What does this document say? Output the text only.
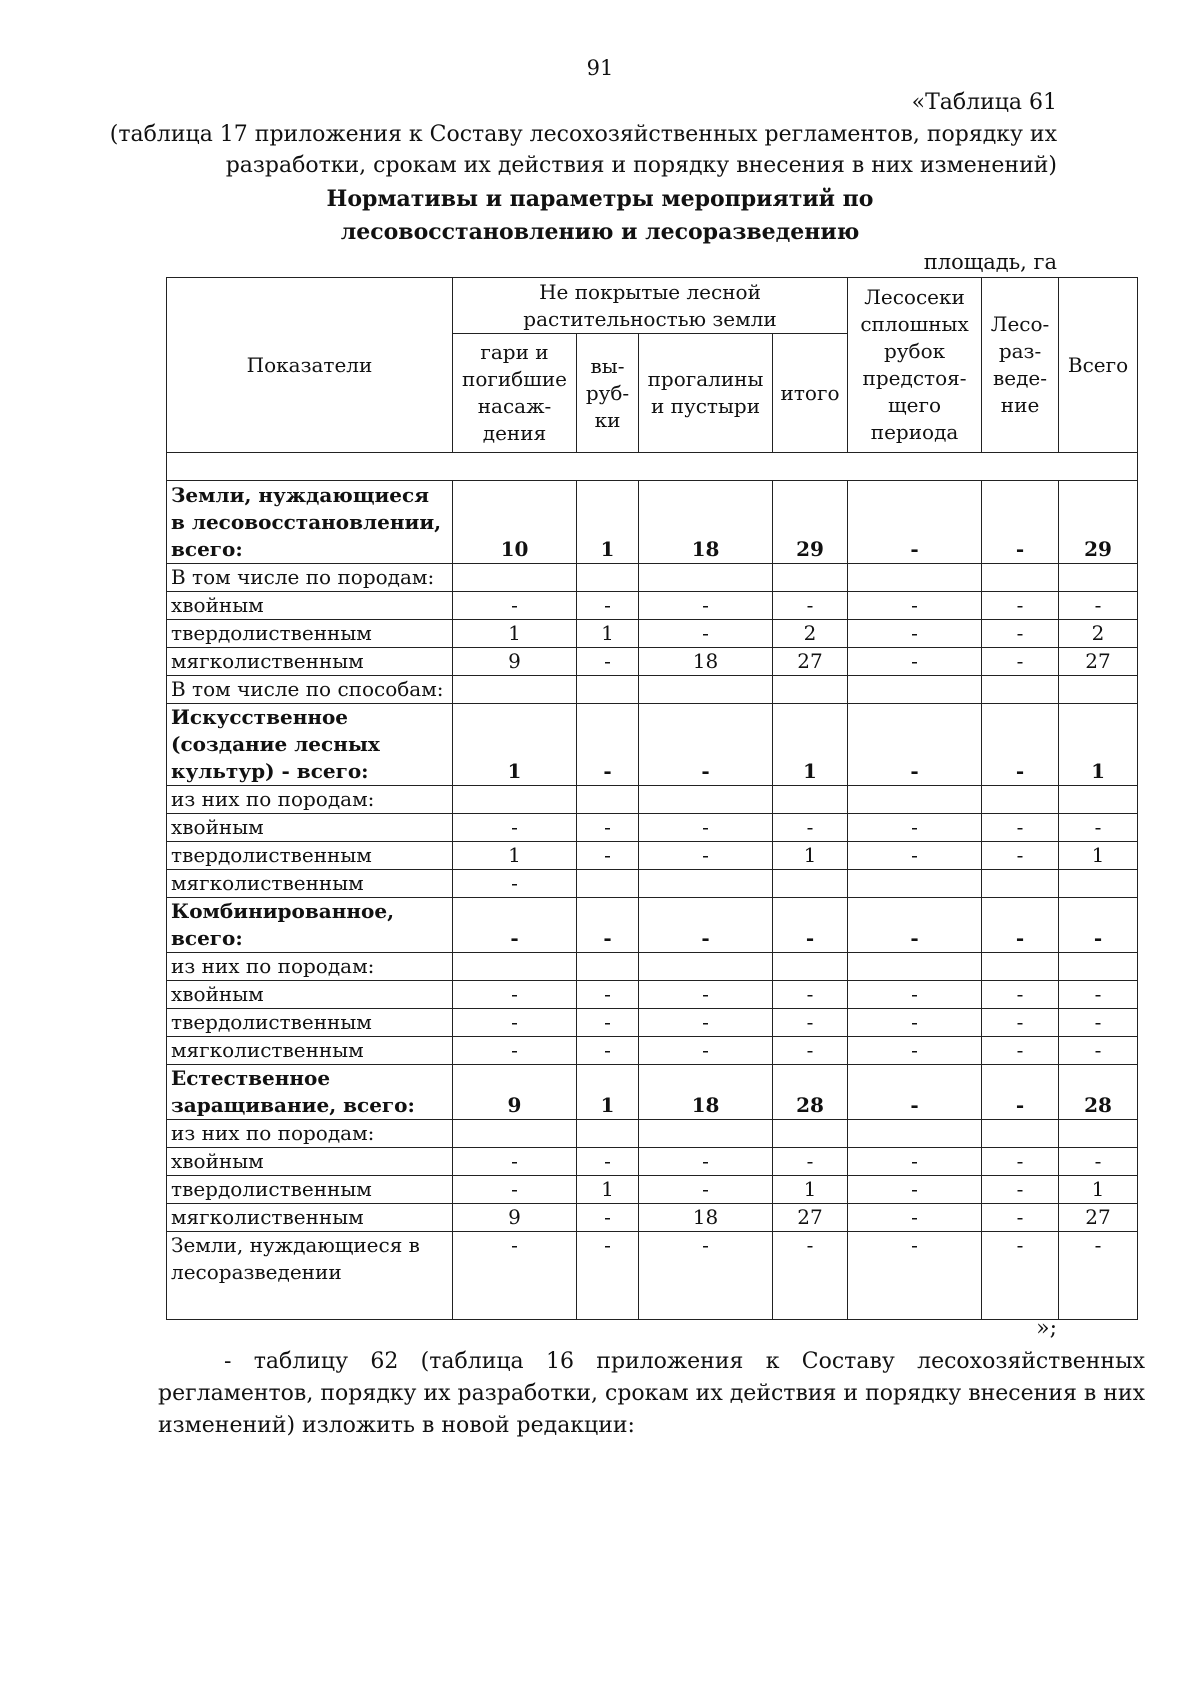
91
«Таблица 61
(таблица 17 приложения к Составу лесохозяйственных регламентов, порядку их
разработки, срокам их действия и порядку внесения в них изменений)
Нормативы и параметры мероприятий по
лесовосстановлению и лесоразведению
площадь, га
Показатели	Не покрытые лесной растительностью земли				Лесосеки сплошных рубок предстоя-щего периода	Лесо-раз-веде-ние	Всего
	гари и погибшие насаж-дения	вы-руб-ки	прогалины и пустыри	итого			

Земли, нуждающиеся в лесовосстановлении, всего:	10	1	18	29	-	-	29
В том числе по породам:							
хвойным	-	-	-	-	-	-	-
твердолиственным	1	1	-	2	-	-	2
мягколиственным	9	-	18	27	-	-	27
В том числе по способам:							
Искусственное (создание лесных культур) - всего:	1	-	-	1	-	-	1
из них по породам:							
хвойным	-	-	-	-	-	-	-
твердолиственным	1	-	-	1	-	-	1
мягколиственным	-						
Комбинированное, всего:	-	-	-	-	-	-	-
из них по породам:							
хвойным	-	-	-	-	-	-	-
твердолиственным	-	-	-	-	-	-	-
мягколиственным	-	-	-	-	-	-	-
Естественное заращивание, всего:	9	1	18	28	-	-	28
из них по породам:							
хвойным	-	-	-	-	-	-	-
твердолиственным	-	1	-	1	-	-	1
мягколиственным	9	-	18	27	-	-	27
Земли, нуждающиеся в лесоразведении	-	-	-	-	-	-	-
»;
- таблицу 62 (таблица 16 приложения к Составу лесохозяйственных регламентов, порядку их разработки, срокам их действия и порядку внесения в них изменений) изложить в новой редакции:
